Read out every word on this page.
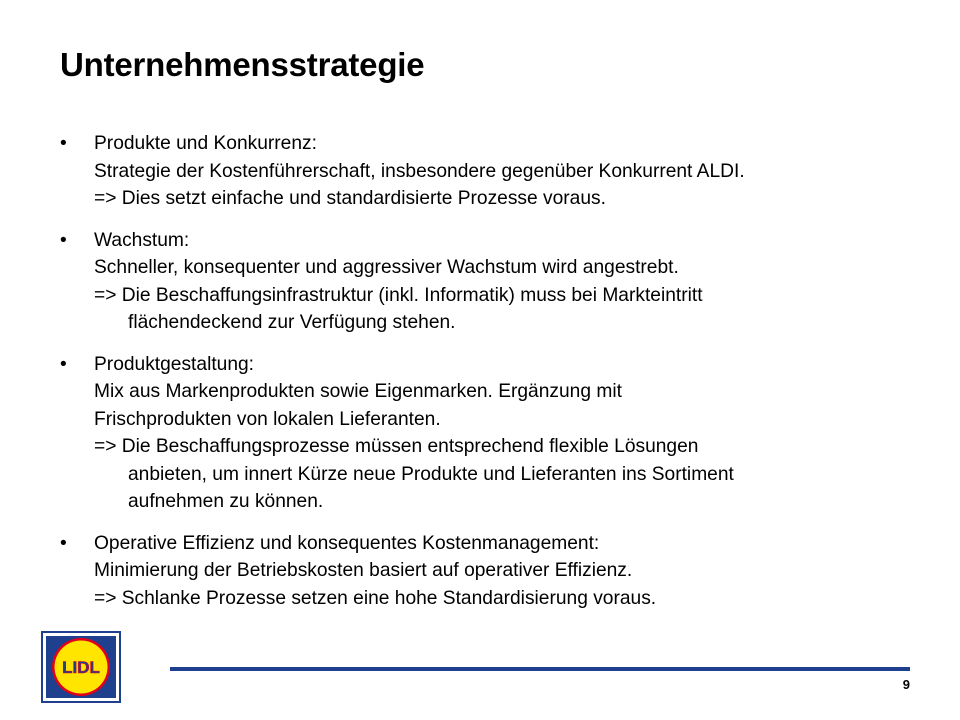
Unternehmensstrategie
• Produkte und Konkurrenz:
Strategie der Kostenführerschaft, insbesondere gegenüber Konkurrent ALDI.
=> Dies setzt einfache und standardisierte Prozesse voraus.
• Wachstum:
Schneller, konsequenter und aggressiver Wachstum wird angestrebt.
=> Die Beschaffungsinfrastruktur (inkl. Informatik) muss bei Markteintritt
flächendeckend zur Verfügung stehen.
• Produktgestaltung:
Mix aus Markenprodukten sowie Eigenmarken. Ergänzung mit
Frischprodukten von lokalen Lieferanten.
=> Die Beschaffungsprozesse müssen entsprechend flexible Lösungen
anbieten, um innert Kürze neue Produkte und Lieferanten ins Sortiment
aufnehmen zu können.
• Operative Effizienz und konsequentes Kostenmanagement:
Minimierung der Betriebskosten basiert auf operativer Effizienz.
=> Schlanke Prozesse setzen eine hohe Standardisierung voraus.
LIDL
9
